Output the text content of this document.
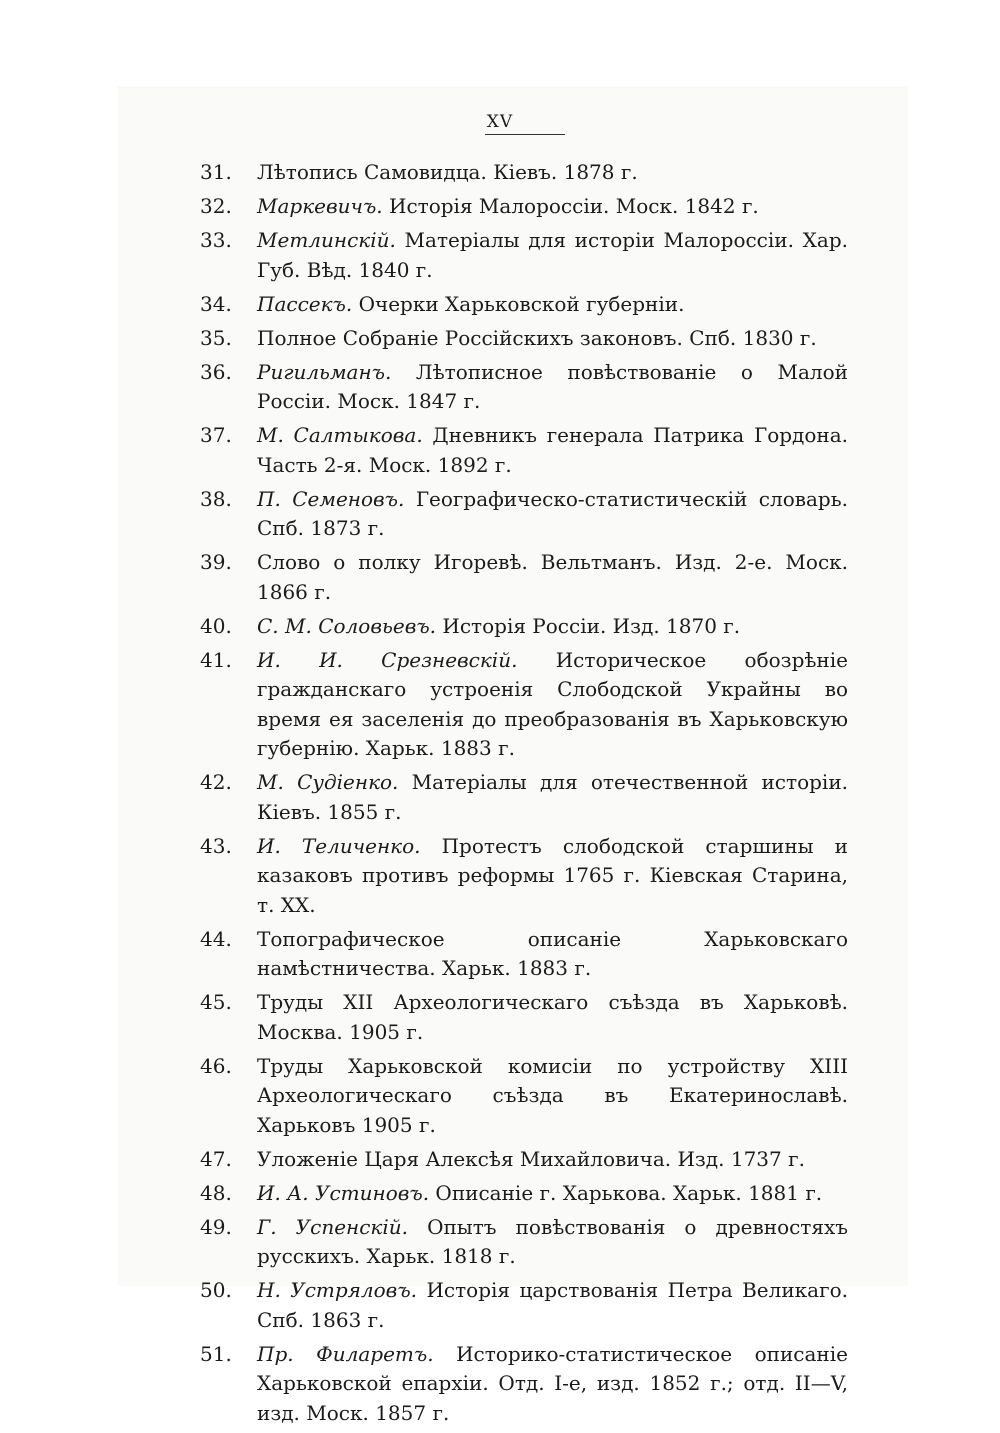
XV
31.	Лѣтопись Самовидца. Кіевъ. 1878 г.
32.	Маркевичъ. Исторія Малороссіи. Моск. 1842 г.
33.	Метлинскій. Матеріалы для исторіи Малороссіи. Хар. Губ. Вѣд. 1840 г.
34.	Пассекъ. Очерки Харьковской губерніи.
35.	Полное Собраніе Россійскихъ законовъ. Спб. 1830 г.
36.	Ригильманъ. Лѣтописное повѣствованіе о Малой Россіи. Моск. 1847 г.
37.	М. Салтыкова. Дневникъ генерала Патрика Гордона. Часть 2-я. Моск. 1892 г.
38.	П. Семеновъ. Географическо-статистическій словарь. Спб. 1873 г.
39.	Слово о полку Игоревѣ. Вельтманъ. Изд. 2-е. Моск. 1866 г.
40.	С. М. Соловьевъ. Исторія Россіи. Изд. 1870 г.
41.	И. И. Срезневскій. Историческое обозрѣніе гражданскаго устроенія Слободской Украйны во время ея заселенія до преобразованія въ Харьковскую губернію. Харьк. 1883 г.
42.	М. Судіенко. Матеріалы для отечественной исторіи. Кіевъ. 1855 г.
43.	И. Теличенко. Протестъ слободской старшины и казаковъ противъ реформы 1765 г. Кіевская Старина, т. XX.
44.	Топографическое описаніе Харьковскаго намѣстничества. Харьк. 1883 г.
45.	Труды XII Археологическаго съѣзда въ Харьковѣ. Москва. 1905 г.
46.	Труды Харьковской комисіи по устройству XIII Археологическаго съѣзда въ Екатеринославѣ. Харьковъ 1905 г.
47.	Уложеніе Царя Алексѣя Михайловича. Изд. 1737 г.
48.	И. А. Устиновъ. Описаніе г. Харькова. Харьк. 1881 г.
49.	Г. Успенскій. Опытъ повѣствованія о древностяхъ русскихъ. Харьк. 1818 г.
50.	Н. Устряловъ. Исторія царствованія Петра Великаго. Спб. 1863 г.
51.	Пр. Филаретъ. Историко-статистическое описаніе Харьковской епархіи. Отд. I-е, изд. 1852 г.; отд. II—V, изд. Моск. 1857 г.
